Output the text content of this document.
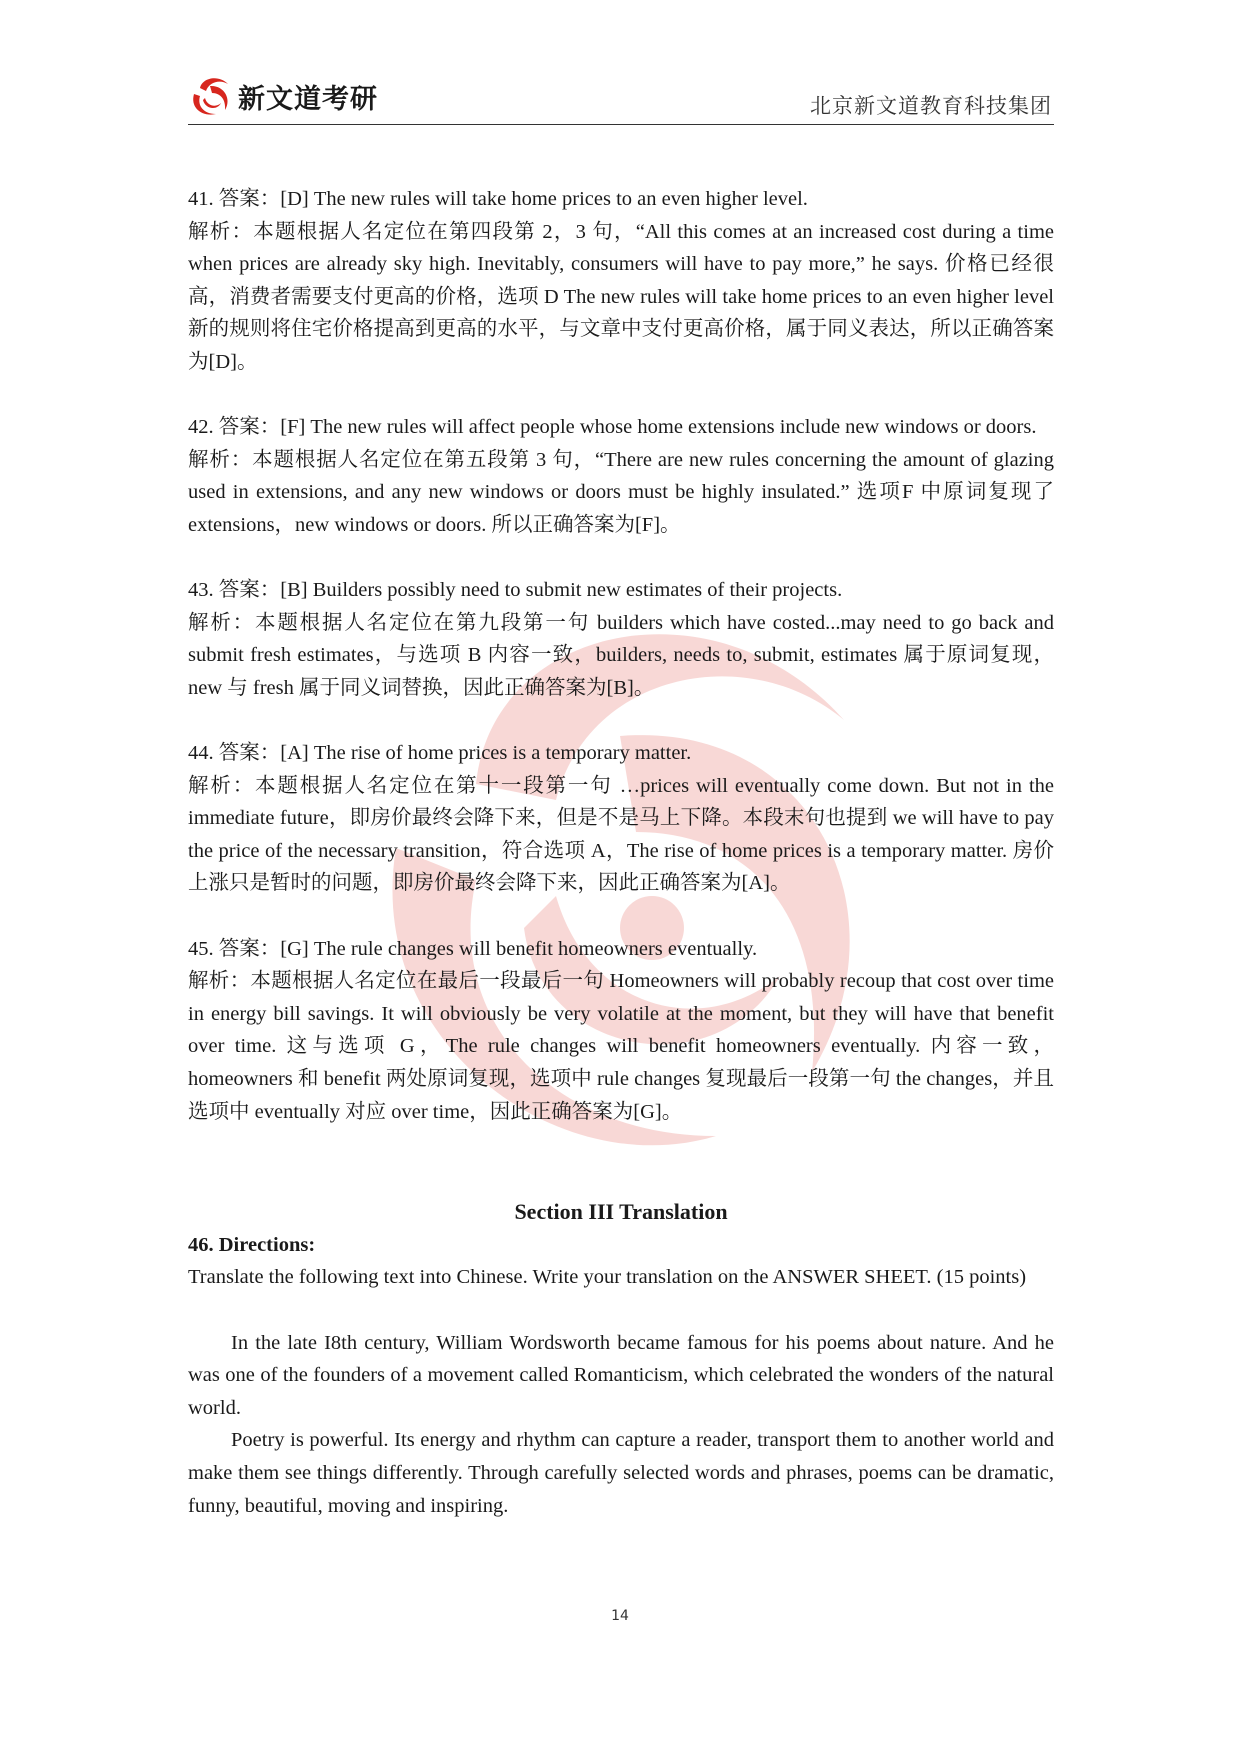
新文道考研	北京新文道教育科技集团

41. 答案：[D] The new rules will take home prices to an even higher level.

解析：本题根据人名定位在第四段第 2，3 句，“All this comes at an increased cost during a time when prices are already sky high. Inevitably, consumers will have to pay more,” he says. 价格已经很高，消费者需要支付更高的价格，选项 D The new rules will take home prices to an even higher level 新的规则将住宅价格提高到更高的水平，与文章中支付更高价格，属于同义表达，所以正确答案为[D]。

42. 答案：[F] The new rules will affect people whose home extensions include new windows or doors.

解析：本题根据人名定位在第五段第 3 句，“There are new rules concerning the amount of glazing used in extensions, and any new windows or doors must be highly insulated.” 选项F 中原词复现了 extensions，new windows or doors. 所以正确答案为[F]。

43. 答案：[B] Builders possibly need to submit new estimates of their projects.

解析：本题根据人名定位在第九段第一句 builders which have costed...may need to go back and submit fresh estimates，与选项 B 内容一致，builders, needs to, submit, estimates 属于原词复现，new 与 fresh 属于同义词替换，因此正确答案为[B]。

44. 答案：[A] The rise of home prices is a temporary matter.

解析：本题根据人名定位在第十一段第一句 …prices will eventually come down. But not in the immediate future，即房价最终会降下来，但是不是马上下降。本段末句也提到 we will have to pay the price of the necessary transition，符合选项 A，The rise of home prices is a temporary matter. 房价上涨只是暂时的问题，即房价最终会降下来，因此正确答案为[A]。

45. 答案：[G] The rule changes will benefit homeowners eventually.

解析：本题根据人名定位在最后一段最后一句 Homeowners will probably recoup that cost over time in energy bill savings. It will obviously be very volatile at the moment, but they will have that benefit over time. 这与选项 G，The rule changes will benefit homeowners eventually. 内容一致，homeowners 和 benefit 两处原词复现，选项中 rule changes 复现最后一段第一句 the changes，并且选项中 eventually 对应 over time，因此正确答案为[G]。

Section III Translation

46. Directions:

Translate the following text into Chinese. Write your translation on the ANSWER SHEET. (15 points)

In the late I8th century, William Wordsworth became famous for his poems about nature. And he was one of the founders of a movement called Romanticism, which celebrated the wonders of the natural world.

Poetry is powerful. Its energy and rhythm can capture a reader, transport them to another world and make them see things differently. Through carefully selected words and phrases, poems can be dramatic, funny, beautiful, moving and inspiring.

14
